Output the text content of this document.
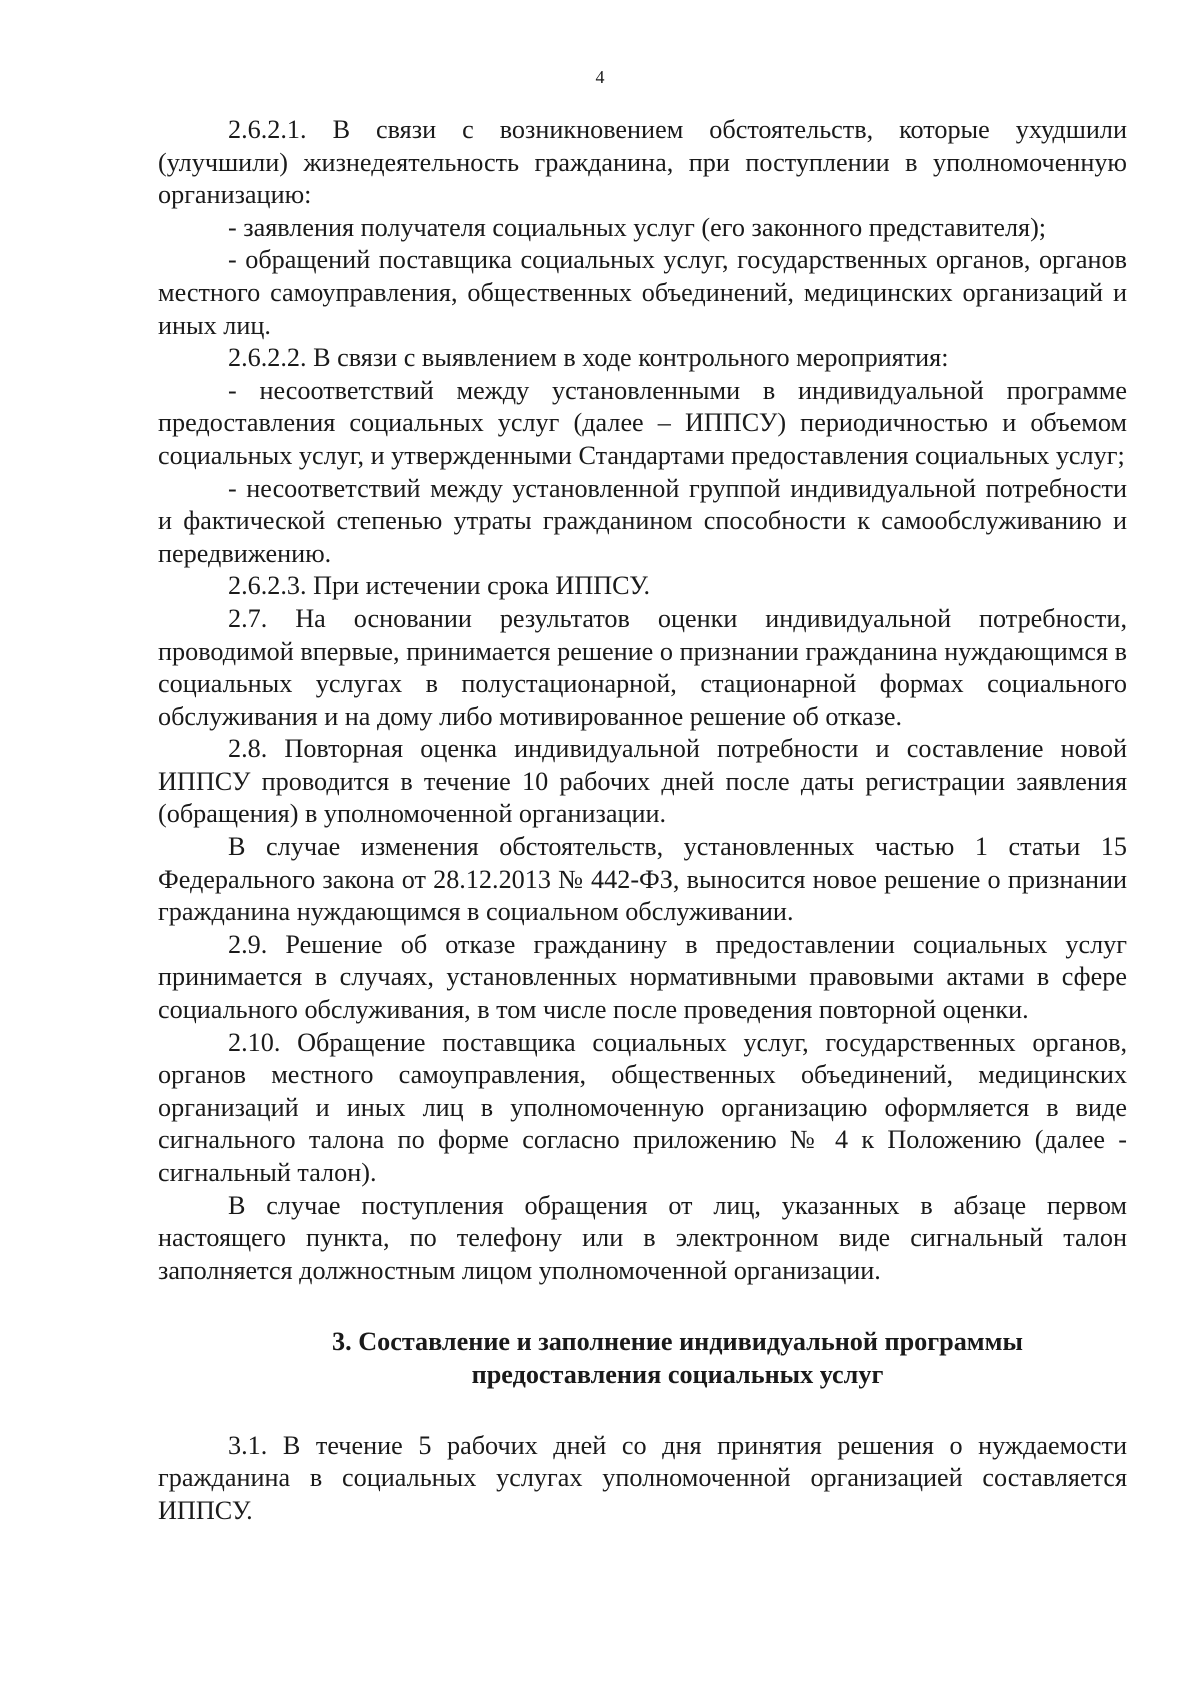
4

2.6.2.1. В связи с возникновением обстоятельств, которые ухудшили (улучшили) жизнедеятельность гражданина, при поступлении в уполномоченную организацию:

- заявления получателя социальных услуг (его законного представителя);

- обращений поставщика социальных услуг, государственных органов, органов местного самоуправления, общественных объединений, медицинских организаций и иных лиц.

2.6.2.2. В связи с выявлением в ходе контрольного мероприятия:

- несоответствий между установленными в индивидуальной программе предоставления социальных услуг (далее – ИППСУ) периодичностью и объемом социальных услуг, и утвержденными Стандартами предоставления социальных услуг;

- несоответствий между установленной группой индивидуальной потребности и фактической степенью утраты гражданином способности к самообслуживанию и передвижению.

2.6.2.3. При истечении срока ИППСУ.

2.7. На основании результатов оценки индивидуальной потребности, проводимой впервые, принимается решение о признании гражданина нуждающимся в социальных услугах в полустационарной, стационарной формах социального обслуживания и на дому либо мотивированное решение об отказе.

2.8. Повторная оценка индивидуальной потребности и составление новой ИППСУ проводится в течение 10 рабочих дней после даты регистрации заявления (обращения) в уполномоченной организации.

В случае изменения обстоятельств, установленных частью 1 статьи 15 Федерального закона от 28.12.2013 № 442-ФЗ, выносится новое решение о признании гражданина нуждающимся в социальном обслуживании.

2.9. Решение об отказе гражданину в предоставлении социальных услуг принимается в случаях, установленных нормативными правовыми актами в сфере социального обслуживания, в том числе после проведения повторной оценки.

2.10. Обращение поставщика социальных услуг, государственных органов, органов местного самоуправления, общественных объединений, медицинских организаций и иных лиц в уполномоченную организацию оформляется в виде сигнального талона по форме согласно приложению № 4 к Положению (далее - сигнальный талон).

В случае поступления обращения от лиц, указанных в абзаце первом настоящего пункта, по телефону или в электронном виде сигнальный талон заполняется должностным лицом уполномоченной организации.

3. Составление и заполнение индивидуальной программы
предоставления социальных услуг

3.1. В течение 5 рабочих дней со дня принятия решения о нуждаемости гражданина в социальных услугах уполномоченной организацией составляется ИППСУ.
